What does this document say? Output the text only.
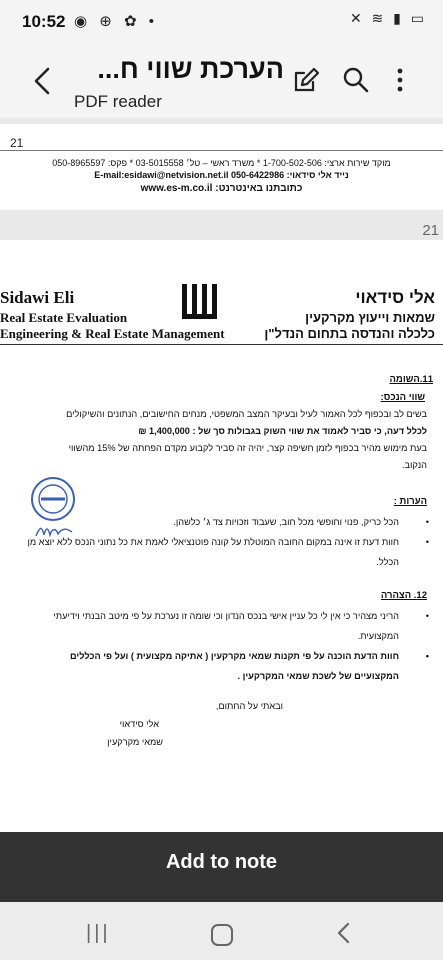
10:52 ◉ ⊕ ✿ •	✕ ≋ ▮ ▭
הערכת שווי ח...
PDF reader
21
מוקד שירות ארצי: 1-700-502-506 * משרד ראשי – טל׳ 03-5015558 * פקס: 050-8965597
נייד אלי סידאוי: 050-6422986 E-mail:esidawi@netvision.net.il
כתובתנו באינטרנט: www.es-m.co.il
21
Sidawi Eli
Real Estate Evaluation
Engineering & Real Estate Management
אלי סידאוי
שמאות וייעוץ מקרקעין
כלכלה והנדסה בתחום הנדל"ן
11.השומה
שווי הנכס:
בשים לב ובכפוף לכל האמור לעיל ובעיקר המצב המשפטי, מנחים החישובים, הנתונים והשיקולים
לכלל דעה, כי סביר לאמוד את שווי השוק בגבולות סך של : 1,400,000 ₪
בעת מימוש מהיר בכפוף לזמן חשיפה קצר, יהיה זה סביר לקבוע מקדם הפחתה של 15% מהשווי
הנקוב.
הערות :
• הכל כריק, פנוי וחופשי מכל חוב, שעבוד וזכויות צד ג׳ כלשהן.
• חוות דעת זו אינה במקום החובה המוטלת על קונה פוטנציאלי לאמת את כל נתוני הנכס ללא יוצא מן הכלל.
12. הצהרה
• הריני מצהיר כי אין לי כל עניין אישי בנכס הנדון וכי שומה זו נערכת על פי מיטב הבנתי וידיעתי המקצועית.
• חוות הדעת הוכנה על פי תקנות שמאי מקרקעין ( אתיקה מקצועית ) ועל פי הכללים המקצועיים של לשכת שמאי המקרקעין .
ובאתי על החתום,
אלי סידאוי
שמאי מקרקעין
Add to note
|||
